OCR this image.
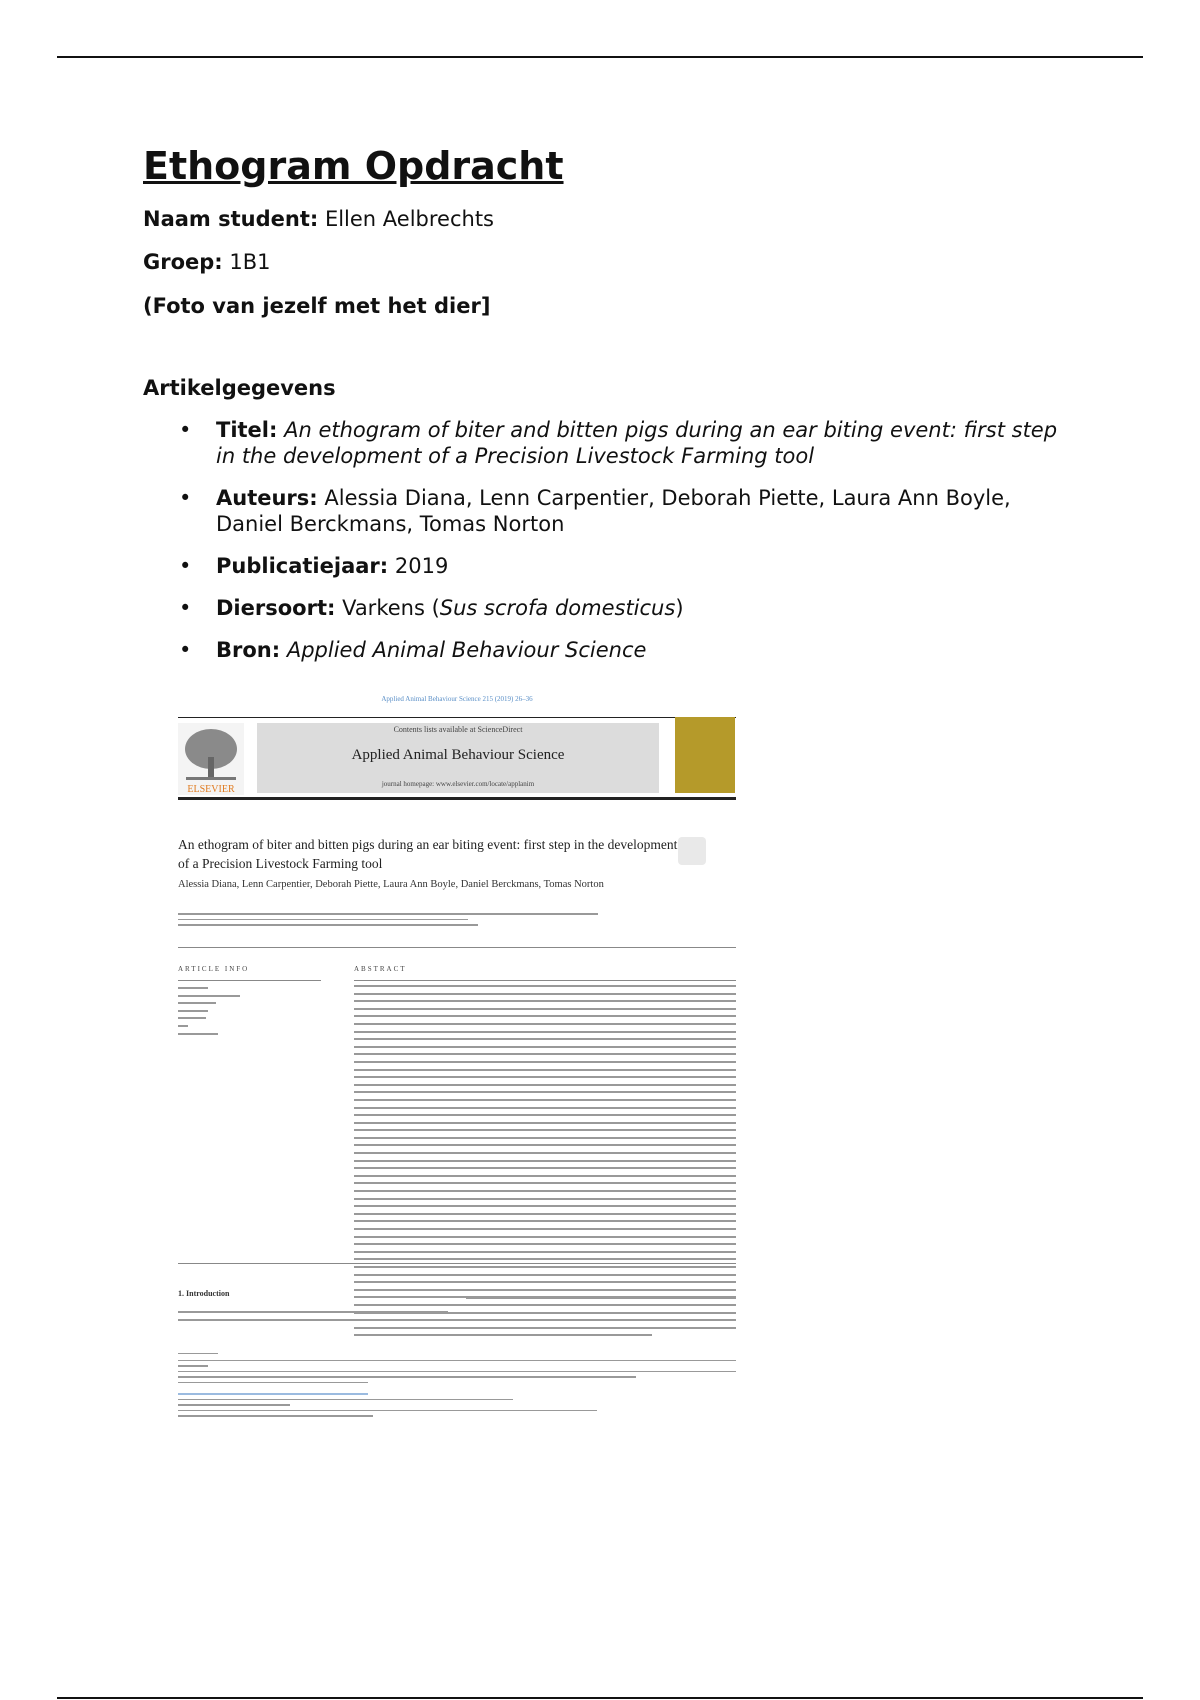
Ethogram Opdracht
Naam student: Ellen Aelbrechts
Groep: 1B1
(Foto van jezelf met het dier]
Artikelgegevens
• Titel: An ethogram of biter and bitten pigs during an ear biting event: first step in the development of a Precision Livestock Farming tool
• Auteurs: Alessia Diana, Lenn Carpentier, Deborah Piette, Laura Ann Boyle, Daniel Berckmans, Tomas Norton
• Publicatiejaar: 2019
• Diersoort: Varkens (Sus scrofa domesticus)
• Bron: Applied Animal Behaviour Science
Applied Animal Behaviour Science 215 (2019) 26–36
ELSEVIER
Contents lists available at ScienceDirect
Applied Animal Behaviour Science
journal homepage: www.elsevier.com/locate/applanim
An ethogram of biter and bitten pigs during an ear biting event: first step in the development of a Precision Livestock Farming tool
Alessia Diana, Lenn Carpentier, Deborah Piette, Laura Ann Boyle, Daniel Berckmans, Tomas Norton
ARTICLE INFO	ABSTRACT
1. Introduction
